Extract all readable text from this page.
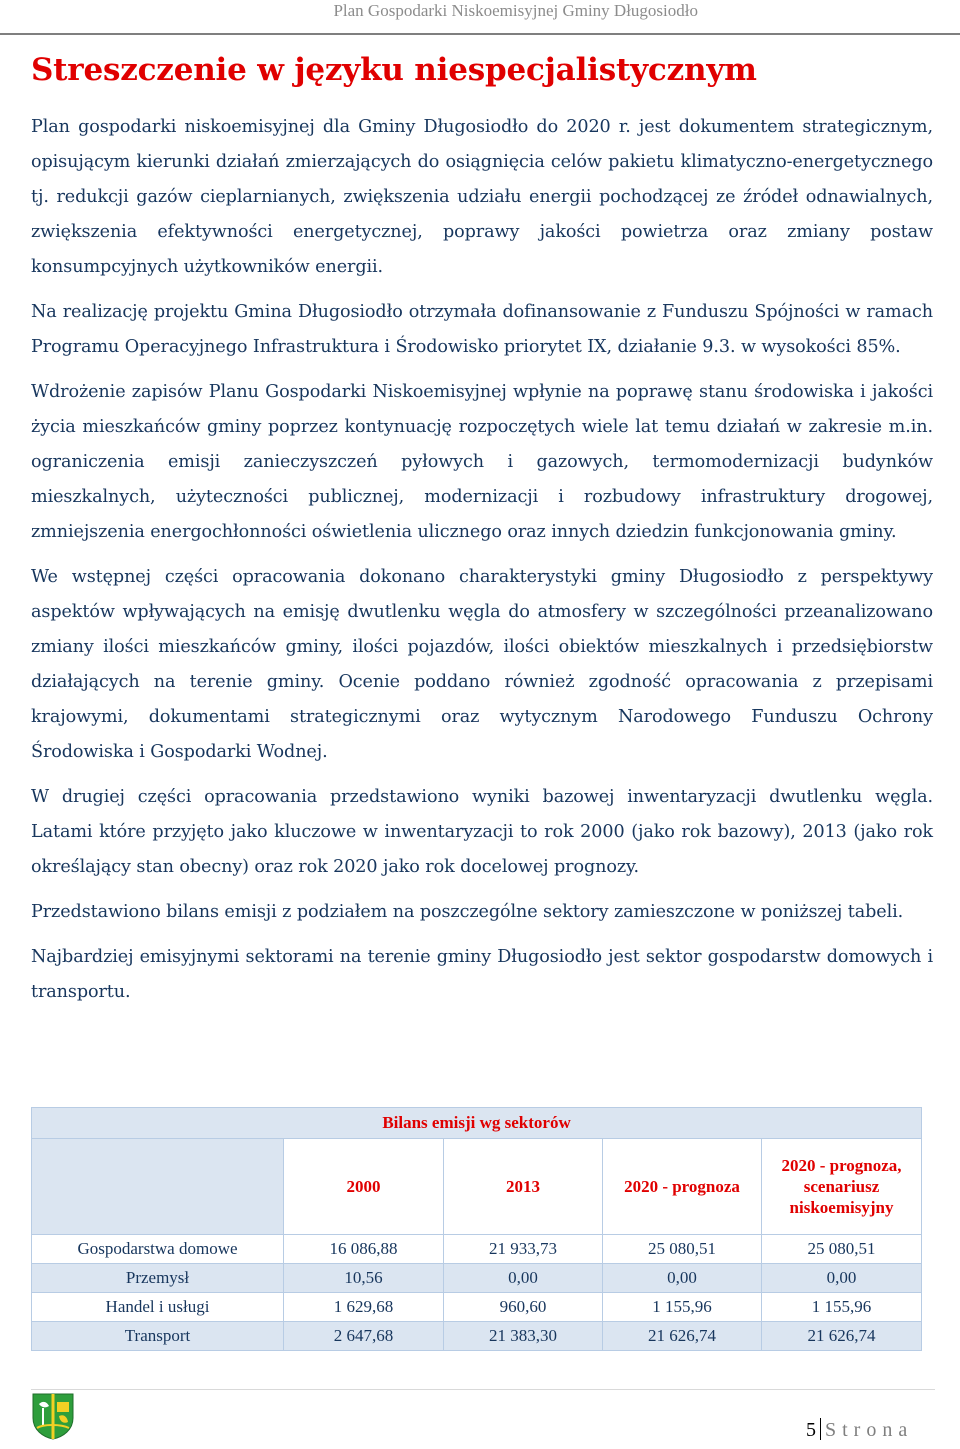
Plan Gospodarki Niskoemisyjnej Gminy Długosiodło
Streszczenie w języku niespecjalistycznym

Plan gospodarki niskoemisyjnej dla Gminy Długosiodło do 2020 r. jest dokumentem strategicznym, opisującym kierunki działań zmierzających do osiągnięcia celów pakietu klimatyczno-energetycznego tj. redukcji gazów cieplarnianych, zwiększenia udziału energii pochodzącej ze źródeł odnawialnych, zwiększenia efektywności energetycznej, poprawy jakości powietrza oraz zmiany postaw konsumpcyjnych użytkowników energii.

Na realizację projektu Gmina Długosiodło otrzymała dofinansowanie z Funduszu Spójności w ramach Programu Operacyjnego Infrastruktura i Środowisko priorytet IX, działanie 9.3. w wysokości 85%.

Wdrożenie zapisów Planu Gospodarki Niskoemisyjnej wpłynie na poprawę stanu środowiska i jakości życia mieszkańców gminy poprzez kontynuację rozpoczętych wiele lat temu działań w zakresie m.in. ograniczenia emisji zanieczyszczeń pyłowych i gazowych, termomodernizacji budynków mieszkalnych, użyteczności publicznej, modernizacji i rozbudowy infrastruktury drogowej, zmniejszenia energochłonności oświetlenia ulicznego oraz innych dziedzin funkcjonowania gminy.

We wstępnej części opracowania dokonano charakterystyki gminy Długosiodło z perspektywy aspektów wpływających na emisję dwutlenku węgla do atmosfery w szczególności przeanalizowano zmiany ilości mieszkańców gminy, ilości pojazdów, ilości obiektów mieszkalnych i przedsiębiorstw działających na terenie gminy. Ocenie poddano również zgodność opracowania z przepisami krajowymi, dokumentami strategicznymi oraz wytycznym Narodowego Funduszu Ochrony Środowiska i Gospodarki Wodnej.

W drugiej części opracowania przedstawiono wyniki bazowej inwentaryzacji dwutlenku węgla. Latami które przyjęto jako kluczowe w inwentaryzacji to rok 2000 (jako rok bazowy), 2013 (jako rok określający stan obecny) oraz rok 2020 jako rok docelowej prognozy.

Przedstawiono bilans emisji z podziałem na poszczególne sektory zamieszczone w poniższej tabeli.

Najbardziej emisyjnymi sektorami na terenie gminy Długosiodło jest sektor gospodarstw domowych i transportu.

Bilans emisji wg sektorów				
	2000	2013	2020 - prognoza	2020 - prognoza, scenariusz niskoemisyjny
Gospodarstwa domowe	16 086,88	21 933,73	25 080,51	25 080,51
Przemysł	10,56	0,00	0,00	0,00
Handel i usługi	1 629,68	960,60	1 155,96	1 155,96
Transport	2 647,68	21 383,30	21 626,74	21 626,74
5 Strona
